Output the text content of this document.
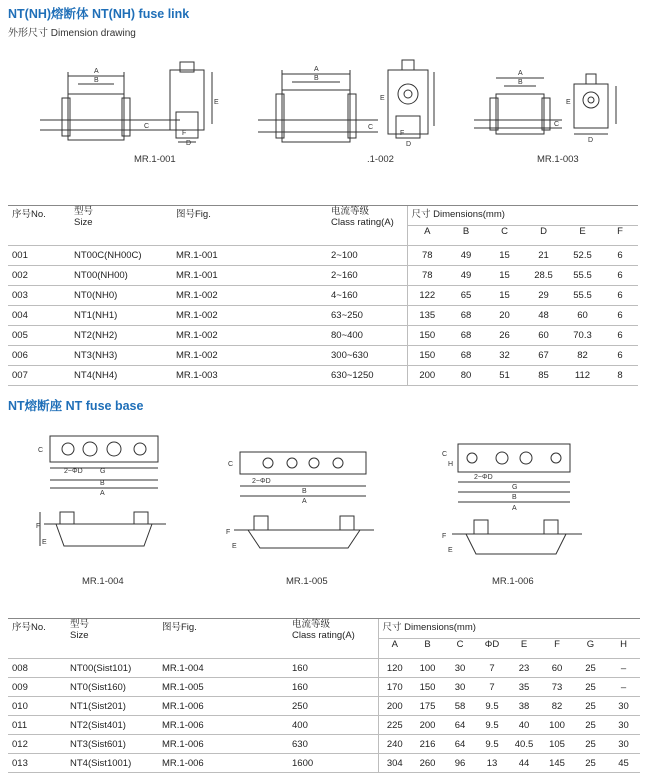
NT(NH)熔断体 NT(NH) fuse link
外形尺寸 Dimension drawing
A
B
C
E
F
D
MR.1-001
A
B
C
E
F
D
.1-002
A
B
C
E
D
MR.1-003
序号No.	型号
Size	图号Fig.	电流等级
Class rating(A)	尺寸 Dimensions(mm)					
				A	B	C	D	E	F
001	NT00C(NH00C)	MR.1-001	2~100	78	49	15	21	52.5	6
002	NT00(NH00)	MR.1-001	2~160	78	49	15	28.5	55.5	6
003	NT0(NH0)	MR.1-002	4~160	122	65	15	29	55.5	6
004	NT1(NH1)	MR.1-002	63~250	135	68	20	48	60	6
005	NT2(NH2)	MR.1-002	80~400	150	68	26	60	70.3	6
006	NT3(NH3)	MR.1-002	300~630	150	68	32	67	82	6
007	NT4(NH4)	MR.1-003	630~1250	200	80	51	85	112	8
NT熔断座 NT fuse base
C
2~ΦD G
B
A
F
E
MR.1-004
C
2~ΦD
B
A
F
E
MR.1-005
C
H
2~ΦD
G
B
A
F
E
MR.1-006
序号No.	型号
Size	图号Fig.	电流等级
Class rating(A)	尺寸 Dimensions(mm)							
				A	B	C	ΦD	E	F	G	H
008	NT00(Sist101)	MR.1-004	160	120	100	30	7	23	60	25	–
009	NT0(Sist160)	MR.1-005	160	170	150	30	7	35	73	25	–
010	NT1(Sist201)	MR.1-006	250	200	175	58	9.5	38	82	25	30
011	NT2(Sist401)	MR.1-006	400	225	200	64	9.5	40	100	25	30
012	NT3(Sist601)	MR.1-006	630	240	216	64	9.5	40.5	105	25	30
013	NT4(Sist1001)	MR.1-006	1600	304	260	96	13	44	145	25	45
